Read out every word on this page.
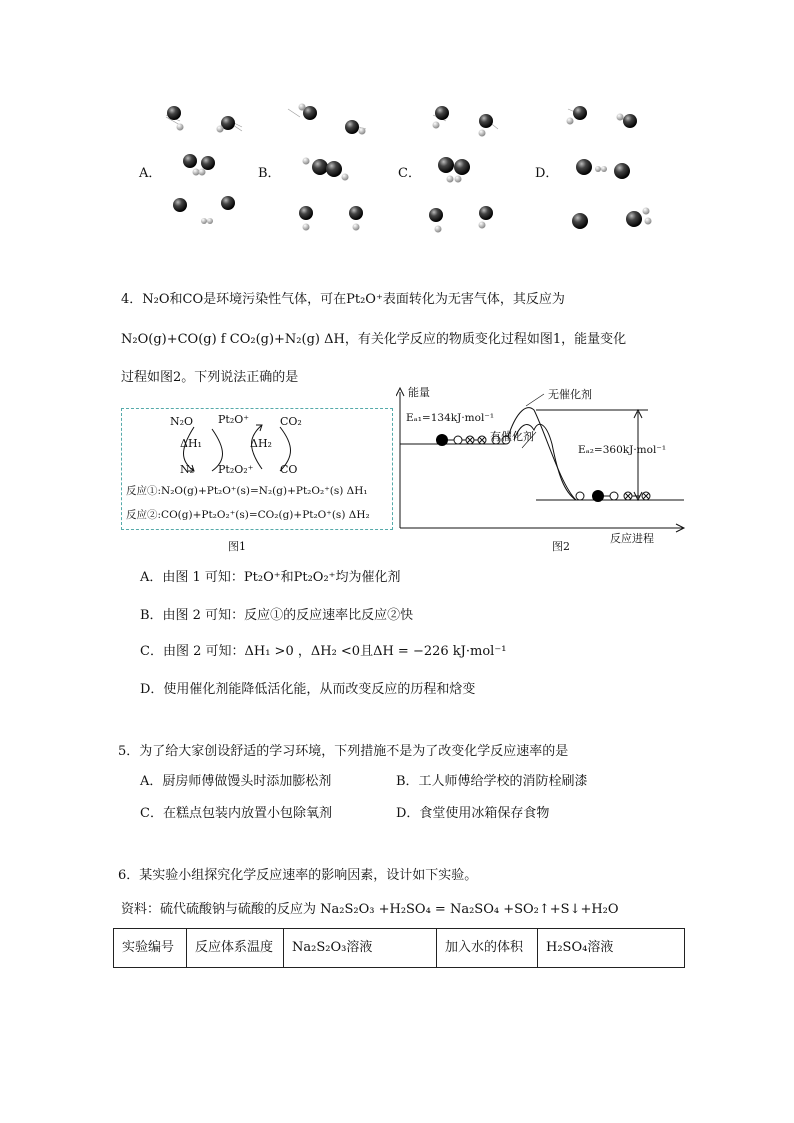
A．	B．	C．	D．
4．N₂O和CO是环境污染性气体，可在Pt₂O⁺表面转化为无害气体，其反应为
N₂O(g)+CO(g) f CO₂(g)+N₂(g) ΔH，有关化学反应的物质变化过程如图1，能量变化
过程如图2。下列说法正确的是
N₂O Pt₂O⁺	CO₂
ΔH₁	ΔH₂
N₂ Pt₂O₂⁺ CO
反应①:N₂O(g)+Pt₂O⁺(s)=N₂(g)+Pt₂O₂⁺(s) ΔH₁
反应②:CO(g)+Pt₂O₂⁺(s)=CO₂(g)+Pt₂O⁺(s) ΔH₂
图1
能量	无催化剂
Eₐ₁=134kJ·mol⁻¹
有催化剂
Eₐ₂=360kJ·mol⁻¹
反应进程
图2
A．由图 1 可知：Pt₂O⁺和Pt₂O₂⁺均为催化剂
B．由图 2 可知：反应①的反应速率比反应②快
C．由图 2 可知：ΔH₁ >0 ，ΔH₂ <0且ΔH = −226 kJ·mol⁻¹
D．使用催化剂能降低活化能，从而改变反应的历程和焓变
5．为了给大家创设舒适的学习环境，下列措施不是为了改变化学反应速率的是
A．厨房师傅做馒头时添加膨松剂	B．工人师傅给学校的消防栓刷漆
C．在糕点包装内放置小包除氧剂	D．食堂使用冰箱保存食物
6．某实验小组探究化学反应速率的影响因素，设计如下实验。
资料：硫代硫酸钠与硫酸的反应为 Na₂S₂O₃ +H₂SO₄ = Na₂SO₄ +SO₂↑+S↓+H₂O
实验编号	反应体系温度	Na₂S₂O₃溶液	加入水的体积	H₂SO₄溶液
